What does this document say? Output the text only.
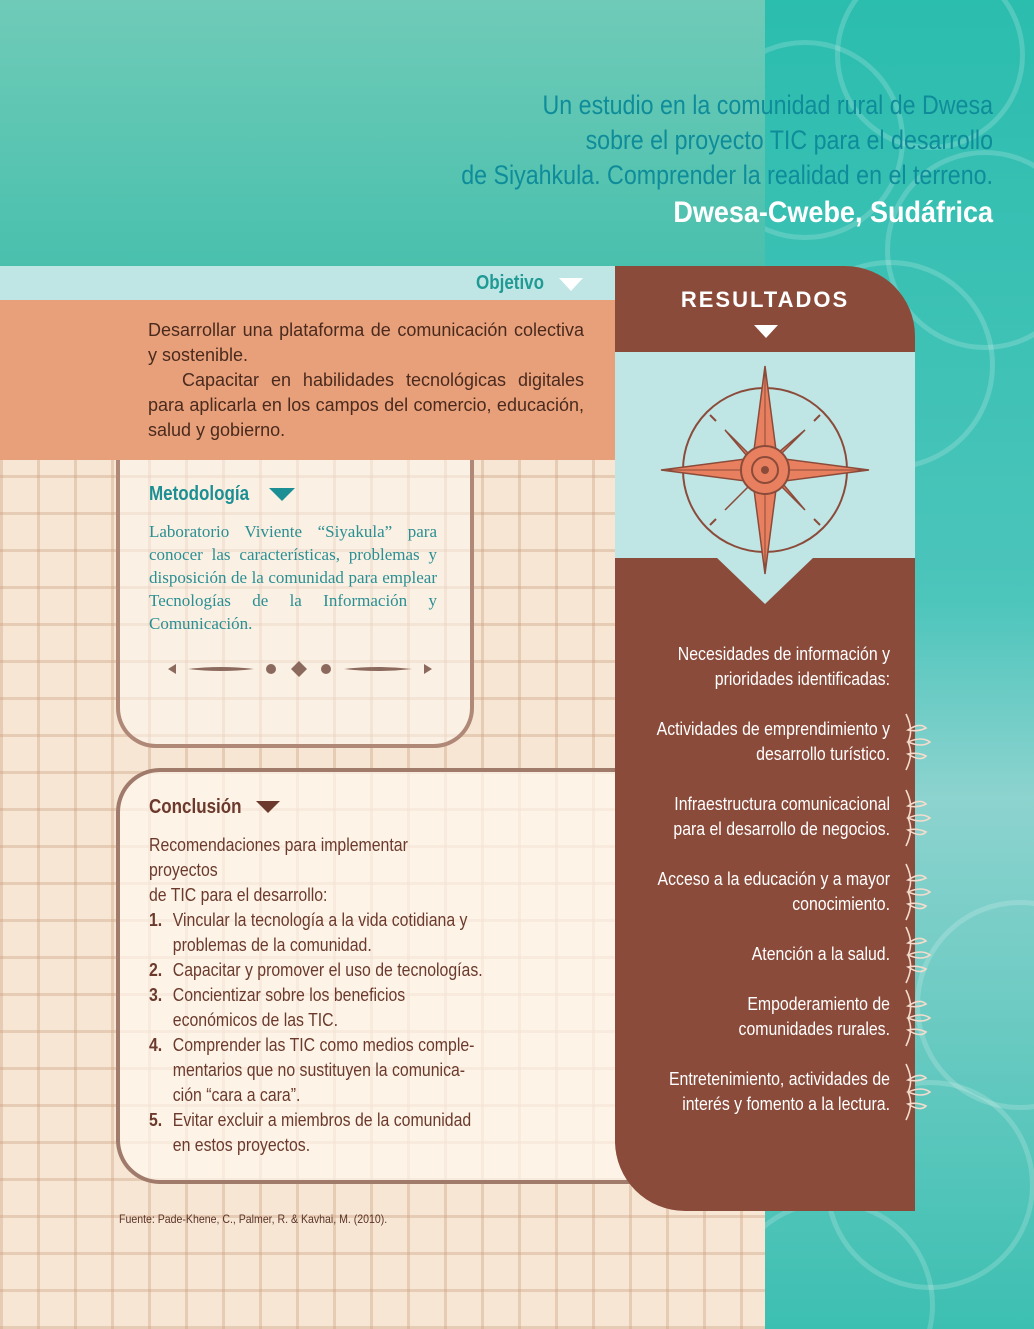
Un estudio en la comunidad rural de Dwesa
sobre el proyecto TIC para el desarrollo
de Siyahkula. Comprender la realidad en el terreno.
Dwesa-Cwebe, Sudáfrica
Objetivo

Desarrollar una plataforma de comunicación colectiva y sostenible.

Capacitar en habilidades tecnológicas digitales para aplicarla en los campos del comercio, educación, salud y gobierno.

Metodología
Laboratorio Viviente “Siyakula” para conocer las características, problemas y disposición de la comunidad para emplear Tecnologías de la Información y Comunicación.
Conclusión
Recomendaciones para implementar proyectos
de TIC para el desarrollo:
1. Vincular la tecnología a la vida cotidiana y problemas de la comunidad.
2. Capacitar y promover el uso de tecnologías.
3. Concientizar sobre los beneficios económicos de las TIC.
4. Comprender las TIC como medios comple-mentarios que no sustituyen la comunica-ción “cara a cara”.
5. Evitar excluir a miembros de la comunidad en estos proyectos.
Fuente: Pade-Khene, C., Palmer, R. & Kavhai, M. (2010).
RESULTADOS
Necesidades de información y
prioridades identificadas:
Actividades de emprendimiento y
desarrollo turístico.
Infraestructura comunicacional
para el desarrollo de negocios.
Acceso a la educación y a mayor
conocimiento.
Atención a la salud.
Empoderamiento de
comunidades rurales.
Entretenimiento, actividades de
interés y fomento a la lectura.
